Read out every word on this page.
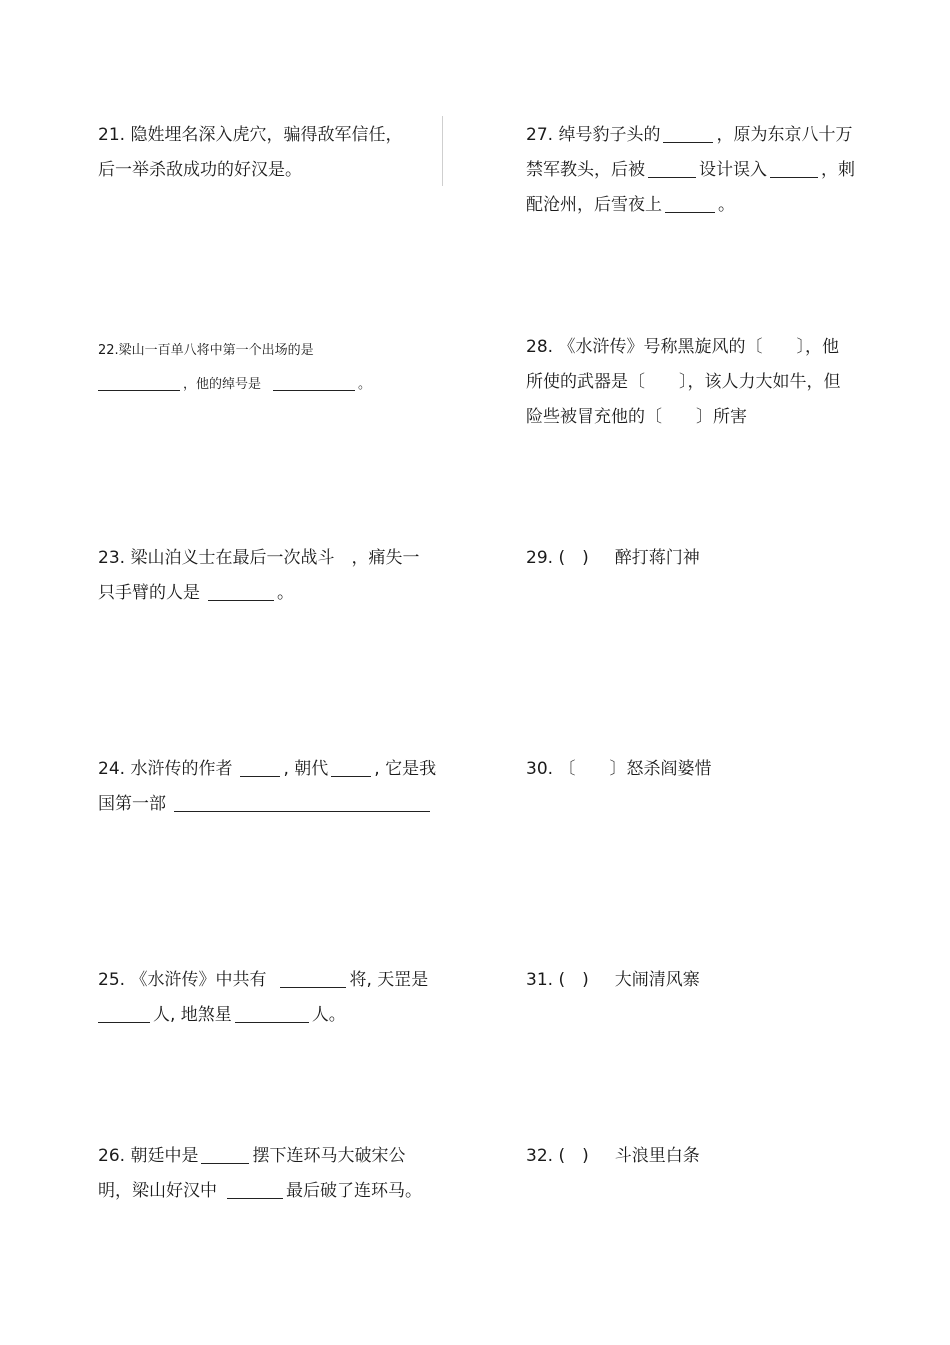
21. 隐姓埋名深入虎穴，骗得敌军信任，
后一举杀敌成功的好汉是。
27. 绰号豹子头的	，原为东京八十万
禁军教头，后被	设计误入	，刺
配沧州，后雪夜上	。
22.梁山一百单八将中第一个出场的是
，他的绰号是	。
28. 《水浒传》号称黑旋风的〔　　〕，他
所使的武器是〔　　〕，该人力大如牛，但
险些被冒充他的〔　　〕所害
23. 梁山泊义士在最后一次战斗　，痛失一
只手臂的人是	。
29. (　) 醉打蒋门神
24. 水浒传的作者	, 朝代	, 它是我
国第一部
30. 〔　　〕怒杀阎婆惜
25. 《水浒传》中共有	将, 天罡是
人, 地煞星	人。
31. (　) 大闹清风寨
26. 朝廷中是	摆下连环马大破宋公
明，梁山好汉中	最后破了连环马。
32. (　) 斗浪里白条
